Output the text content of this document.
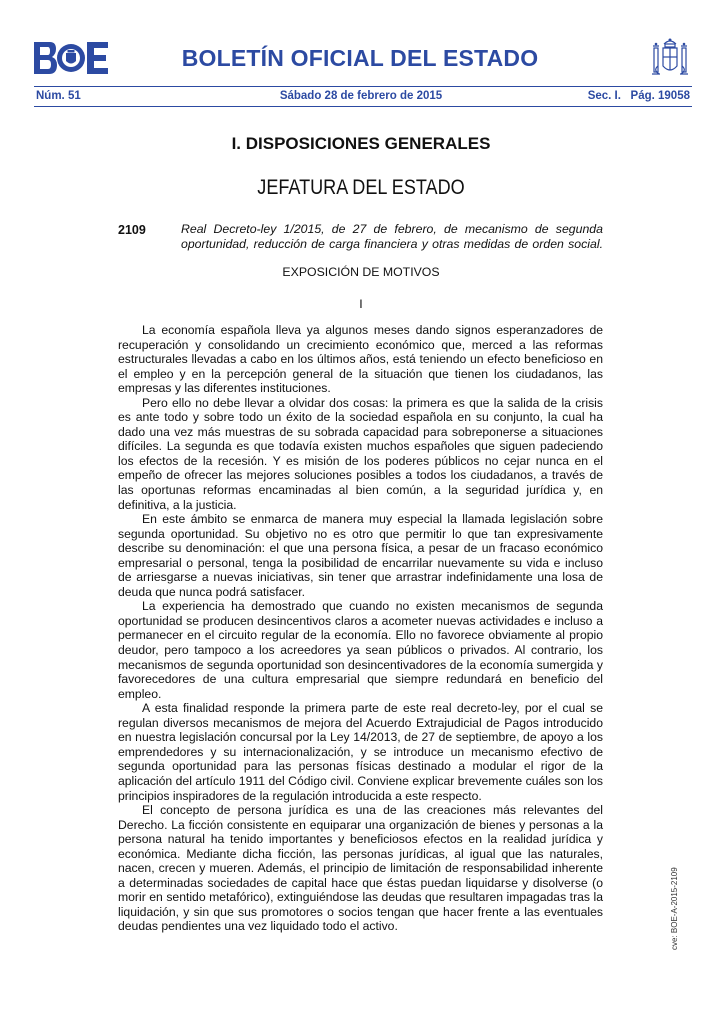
BOLETÍN OFICIAL DEL ESTADO
Núm. 51	Sábado 28 de febrero de 2015	Sec. I.   Pág. 19058
I. DISPOSICIONES GENERALES
JEFATURA DEL ESTADO
2109	Real Decreto-ley 1/2015, de 27 de febrero, de mecanismo de segunda oportunidad, reducción de carga financiera y otras medidas de orden social.
EXPOSICIÓN DE MOTIVOS
I

La economía española lleva ya algunos meses dando signos esperanzadores de recuperación y consolidando un crecimiento económico que, merced a las reformas estructurales llevadas a cabo en los últimos años, está teniendo un efecto beneficioso en el empleo y en la percepción general de la situación que tienen los ciudadanos, las empresas y las diferentes instituciones.

Pero ello no debe llevar a olvidar dos cosas: la primera es que la salida de la crisis es ante todo y sobre todo un éxito de la sociedad española en su conjunto, la cual ha dado una vez más muestras de su sobrada capacidad para sobreponerse a situaciones difíciles. La segunda es que todavía existen muchos españoles que siguen padeciendo los efectos de la recesión. Y es misión de los poderes públicos no cejar nunca en el empeño de ofrecer las mejores soluciones posibles a todos los ciudadanos, a través de las oportunas reformas encaminadas al bien común, a la seguridad jurídica y, en definitiva, a la justicia.

En este ámbito se enmarca de manera muy especial la llamada legislación sobre segunda oportunidad. Su objetivo no es otro que permitir lo que tan expresivamente describe su denominación: el que una persona física, a pesar de un fracaso económico empresarial o personal, tenga la posibilidad de encarrilar nuevamente su vida e incluso de arriesgarse a nuevas iniciativas, sin tener que arrastrar indefinidamente una losa de deuda que nunca podrá satisfacer.

La experiencia ha demostrado que cuando no existen mecanismos de segunda oportunidad se producen desincentivos claros a acometer nuevas actividades e incluso a permanecer en el circuito regular de la economía. Ello no favorece obviamente al propio deudor, pero tampoco a los acreedores ya sean públicos o privados. Al contrario, los mecanismos de segunda oportunidad son desincentivadores de la economía sumergida y favorecedores de una cultura empresarial que siempre redundará en beneficio del empleo.

A esta finalidad responde la primera parte de este real decreto-ley, por el cual se regulan diversos mecanismos de mejora del Acuerdo Extrajudicial de Pagos introducido en nuestra legislación concursal por la Ley 14/2013, de 27 de septiembre, de apoyo a los emprendedores y su internacionalización, y se introduce un mecanismo efectivo de segunda oportunidad para las personas físicas destinado a modular el rigor de la aplicación del artículo 1911 del Código civil. Conviene explicar brevemente cuáles son los principios inspiradores de la regulación introducida a este respecto.

El concepto de persona jurídica es una de las creaciones más relevantes del Derecho. La ficción consistente en equiparar una organización de bienes y personas a la persona natural ha tenido importantes y beneficiosos efectos en la realidad jurídica y económica. Mediante dicha ficción, las personas jurídicas, al igual que las naturales, nacen, crecen y mueren. Además, el principio de limitación de responsabilidad inherente a determinadas sociedades de capital hace que éstas puedan liquidarse y disolverse (o morir en sentido metafórico), extinguiéndose las deudas que resultaren impagadas tras la liquidación, y sin que sus promotores o socios tengan que hacer frente a las eventuales deudas pendientes una vez liquidado todo el activo.	cve: BOE-A-2015-2109
